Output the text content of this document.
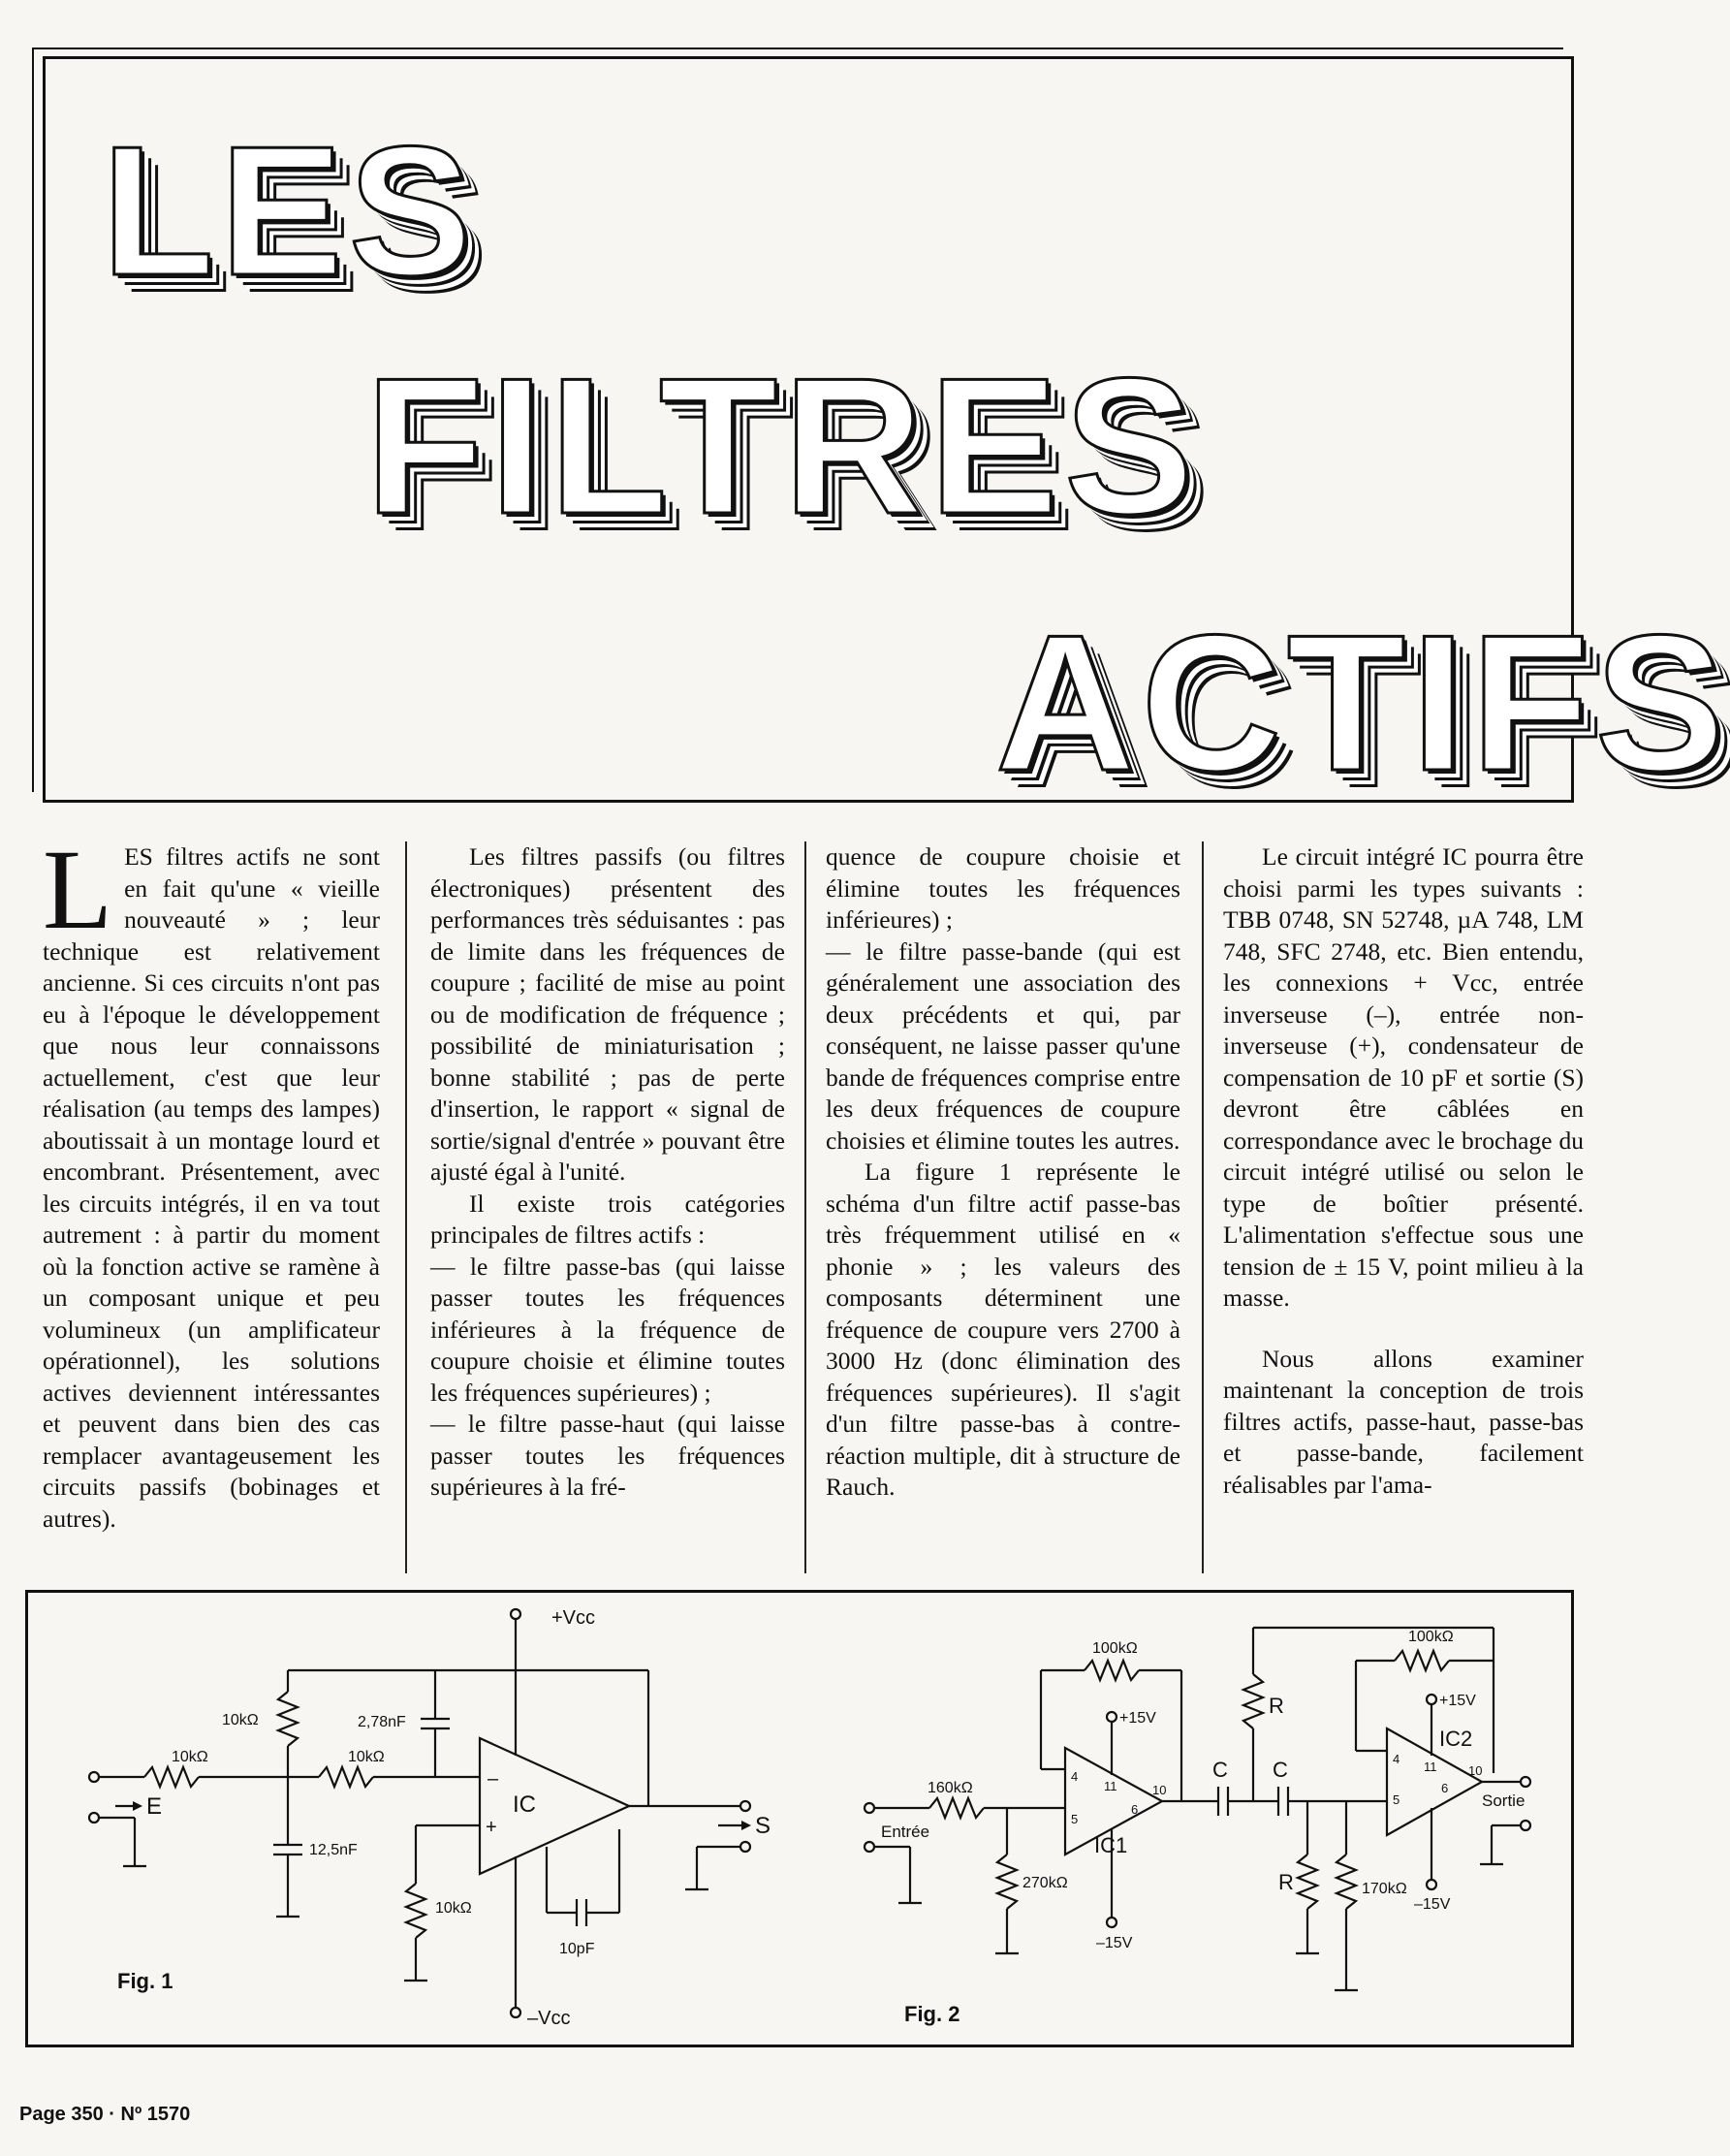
LES
FILTRES
ACTIFS
L ES filtres actifs ne sont en fait qu'une « vieille nouveauté » ; leur technique est relativement ancienne. Si ces circuits n'ont pas eu à l'époque le développement que nous leur connaissons actuellement, c'est que leur réalisation (au temps des lampes) aboutissait à un montage lourd et encombrant. Présentement, avec les circuits intégrés, il en va tout autrement : à partir du moment où la fonction active se ramène à un composant unique et peu volumineux (un amplificateur opérationnel), les solutions actives deviennent intéressantes et peuvent dans bien des cas remplacer avantageusement les circuits passifs (bobinages et autres).

Les filtres passifs (ou filtres électroniques) présentent des performances très séduisantes : pas de limite dans les fréquences de coupure ; facilité de mise au point ou de modification de fréquence ; possibilité de miniaturisation ; bonne stabilité ; pas de perte d'insertion, le rapport « signal de sortie/signal d'entrée » pouvant être ajusté égal à l'unité.

Il existe trois catégories principales de filtres actifs :

— le filtre passe-bas (qui laisse passer toutes les fréquences inférieures à la fréquence de coupure choisie et élimine toutes les fréquences supérieures) ;

— le filtre passe-haut (qui laisse passer toutes les fréquences supérieures à la fré-

quence de coupure choisie et élimine toutes les fréquences inférieures) ;

— le filtre passe-bande (qui est généralement une association des deux précédents et qui, par conséquent, ne laisse passer qu'une bande de fréquences comprise entre les deux fréquences de coupure choisies et élimine toutes les autres.

La figure 1 représente le schéma d'un filtre actif passe-bas très fréquemment utilisé en « phonie » ; les valeurs des composants déterminent une fréquence de coupure vers 2700 à 3000 Hz (donc élimination des fréquences supérieures). Il s'agit d'un filtre passe-bas à contre-réaction multiple, dit à structure de Rauch.

Le circuit intégré IC pourra être choisi parmi les types suivants : TBB 0748, SN 52748, µA 748, LM 748, SFC 2748, etc. Bien entendu, les connexions + Vcc, entrée inverseuse (–), entrée non-inverseuse (+), condensateur de compensation de 10 pF et sortie (S) devront être câblées en correspondance avec le brochage du circuit intégré utilisé ou selon le type de boîtier présenté. L'alimentation s'effectue sous une tension de ± 15 V, point milieu à la masse.

Nous allons examiner maintenant la conception de trois filtres actifs, passe-haut, passe-bas et passe-bande, facilement réalisables par l'ama-

+Vcc
–Vcc
10kΩ
10kΩ	10kΩ
10kΩ
2,78nF
12,5nF
10pF
IC
–
+
E
S
Fig. 1
100kΩ
100kΩ
160kΩ
270kΩ	170kΩ
R
R
C C
IC1
IC2
+15V
–15V
+15V
–15V
Entrée
Sortie
4
5
11
6
10
4
5
11
6
10
Fig. 2
Page 350 · Nº 1570
